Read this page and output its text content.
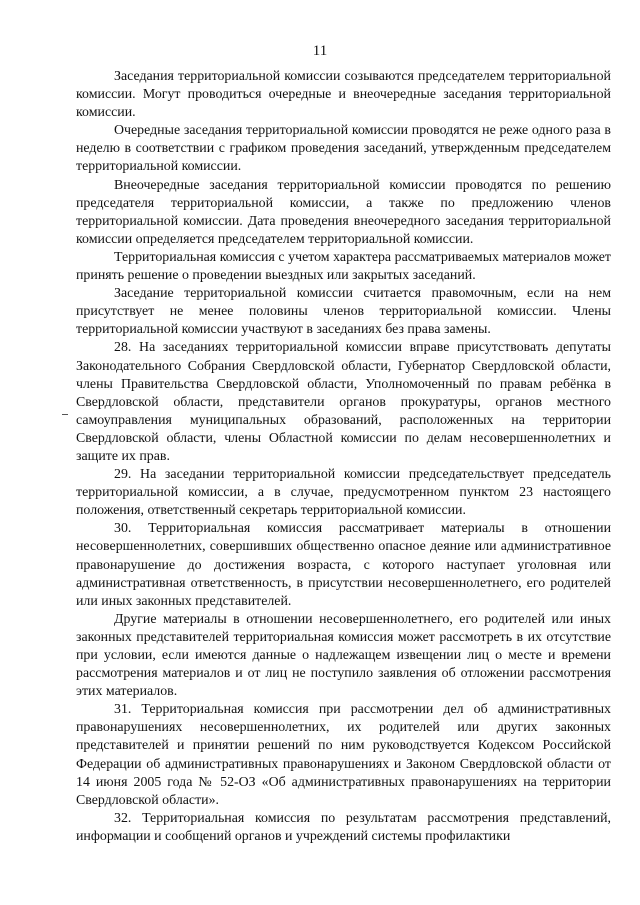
11

Заседания территориальной комиссии созываются председателем территориальной комиссии. Могут проводиться очередные и внеочередные заседания территориальной комиссии.

Очередные заседания территориальной комиссии проводятся не реже одного раза в неделю в соответствии с графиком проведения заседаний, утвержденным председателем территориальной комиссии.

Внеочередные заседания территориальной комиссии проводятся по решению председателя территориальной комиссии, а также по предложению членов территориальной комиссии. Дата проведения внеочередного заседания территориальной комиссии определяется председателем территориальной комиссии.

Территориальная комиссия с учетом характера рассматриваемых материалов может принять решение о проведении выездных или закрытых заседаний.

Заседание территориальной комиссии считается правомочным, если на нем присутствует не менее половины членов территориальной комиссии. Члены территориальной комиссии участвуют в заседаниях без права замены.

28. На заседаниях территориальной комиссии вправе присутствовать депутаты Законодательного Собрания Свердловской области, Губернатор Свердловской области, члены Правительства Свердловской области, Уполномоченный по правам ребёнка в Свердловской области, представители органов прокуратуры, органов местного самоуправления муниципальных образований, расположенных на территории Свердловской области, члены Областной комиссии по делам несовершеннолетних и защите их прав.

29. На заседании территориальной комиссии председательствует председатель территориальной комиссии, а в случае, предусмотренном пунктом 23 настоящего положения, ответственный секретарь территориальной комиссии.

30. Территориальная комиссия рассматривает материалы в отношении несовершеннолетних, совершивших общественно опасное деяние или административное правонарушение до достижения возраста, с которого наступает уголовная или административная ответственность, в присутствии несовершеннолетнего, его родителей или иных законных представителей.

Другие материалы в отношении несовершеннолетнего, его родителей или иных законных представителей территориальная комиссия может рассмотреть в их отсутствие при условии, если имеются данные о надлежащем извещении лиц о месте и времени рассмотрения материалов и от лиц не поступило заявления об отложении рассмотрения этих материалов.

31. Территориальная комиссия при рассмотрении дел об административных правонарушениях несовершеннолетних, их родителей или других законных представителей и принятии решений по ним руководствуется Кодексом Российской Федерации об административных правонарушениях и Законом Свердловской области от 14 июня 2005 года № 52-ОЗ «Об административных правонарушениях на территории Свердловской области».

32. Территориальная комиссия по результатам рассмотрения представлений, информации и сообщений органов и учреждений системы профилактики
